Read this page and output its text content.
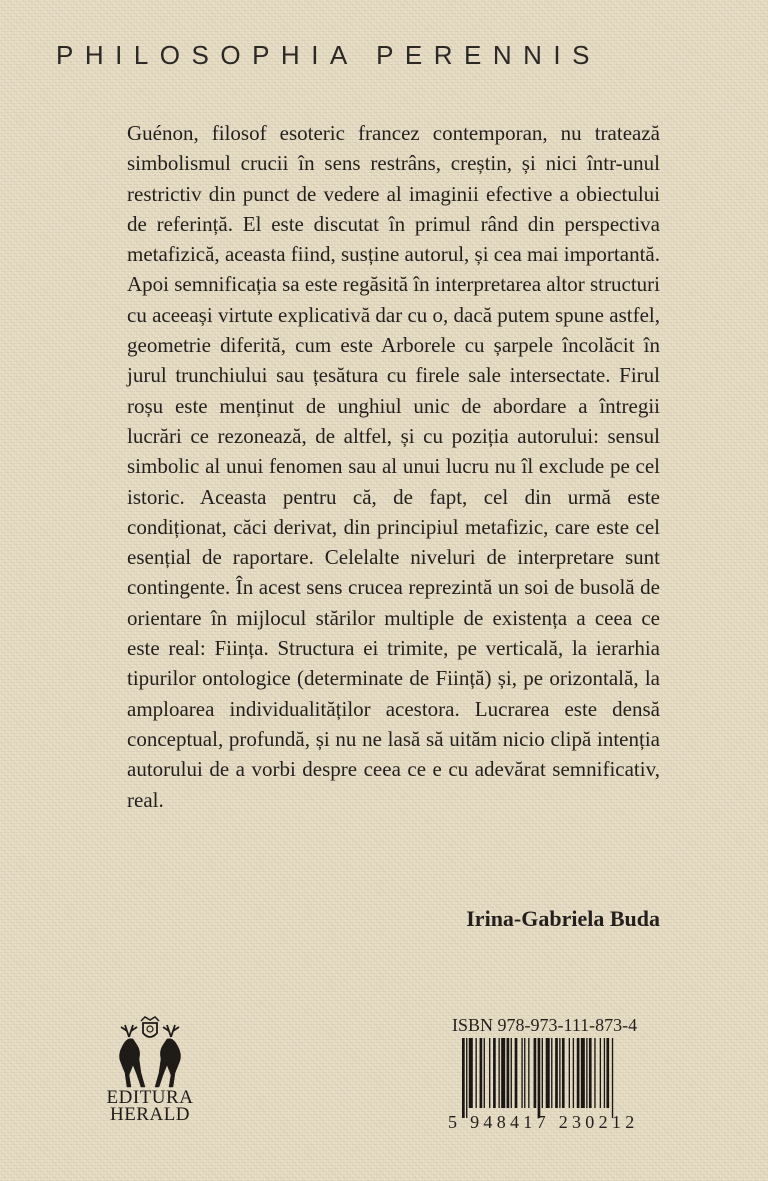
PHILOSOPHIA PERENNIS

Guénon, filosof esoteric francez contemporan, nu tratează simbolismul crucii în sens restrâns, creștin, și nici într-unul restrictiv din punct de vedere al imaginii efective a obiectului de referință. El este discutat în primul rând din perspectiva metafizică, aceasta fiind, susține autorul, și cea mai importantă. Apoi semnificația sa este regăsită în interpretarea altor structuri cu aceeași virtute explicativă dar cu o, dacă putem spune astfel, geometrie diferită, cum este Arborele cu șarpele încolăcit în jurul trunchiului sau țesătura cu firele sale intersectate. Firul roșu este menținut de unghiul unic de abordare a întregii lucrări ce rezonează, de altfel, și cu poziția autorului: sensul simbolic al unui fenomen sau al unui lucru nu îl exclude pe cel istoric. Aceasta pentru că, de fapt, cel din urmă este condiționat, căci derivat, din principiul metafizic, care este cel esențial de raportare. Celelalte niveluri de interpretare sunt contingente. În acest sens crucea reprezintă un soi de busolă de orientare în mijlocul stărilor multiple de existența a ceea ce este real: Ființa. Structura ei trimite, pe verticală, la ierarhia tipurilor ontologice (determinate de Ființă) și, pe orizontală, la amploarea individualităților acestora. Lucrarea este densă conceptual, profundă, și nu ne lasă să uităm nicio clipă intenția autorului de a vorbi despre ceea ce e cu adevărat semnificativ, real.

Irina-Gabriela Buda
EDITURA
HERALD
ISBN 978-973-111-873-4
5 948417 230212
